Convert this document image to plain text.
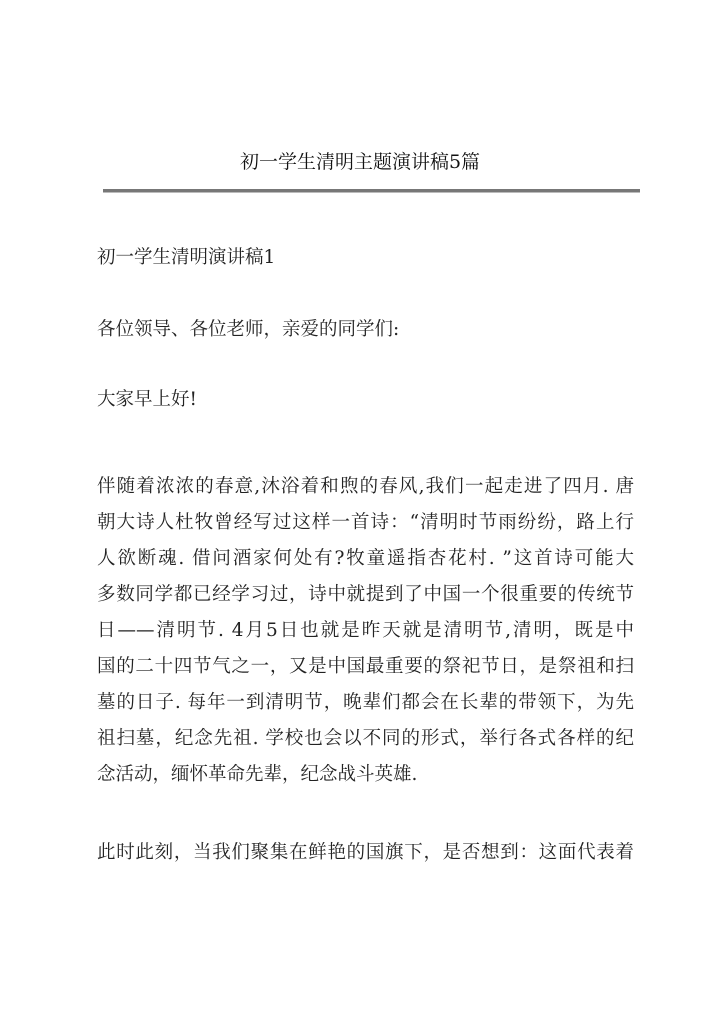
初一学生清明主题演讲稿5篇
初一学生清明演讲稿1
各位领导、各位老师，亲爱的同学们:
大家早上好!
伴随着浓浓的春意,沐浴着和煦的春风,我们一起走进了四月. 唐
朝大诗人杜牧曾经写过这样一首诗：“清明时节雨纷纷，路上行
人欲断魂. 借问酒家何处有?牧童遥指杏花村. ”这首诗可能大
多数同学都已经学习过，诗中就提到了中国一个很重要的传统节
日——清明节. 4月5日也就是昨天就是清明节,清明，既是中
国的二十四节气之一，又是中国最重要的祭祀节日，是祭祖和扫
墓的日子. 每年一到清明节，晚辈们都会在长辈的带领下，为先
祖扫墓，纪念先祖. 学校也会以不同的形式，举行各式各样的纪
念活动，缅怀革命先辈，纪念战斗英雄.
此时此刻，当我们聚集在鲜艳的国旗下，是否想到：这面代表着
